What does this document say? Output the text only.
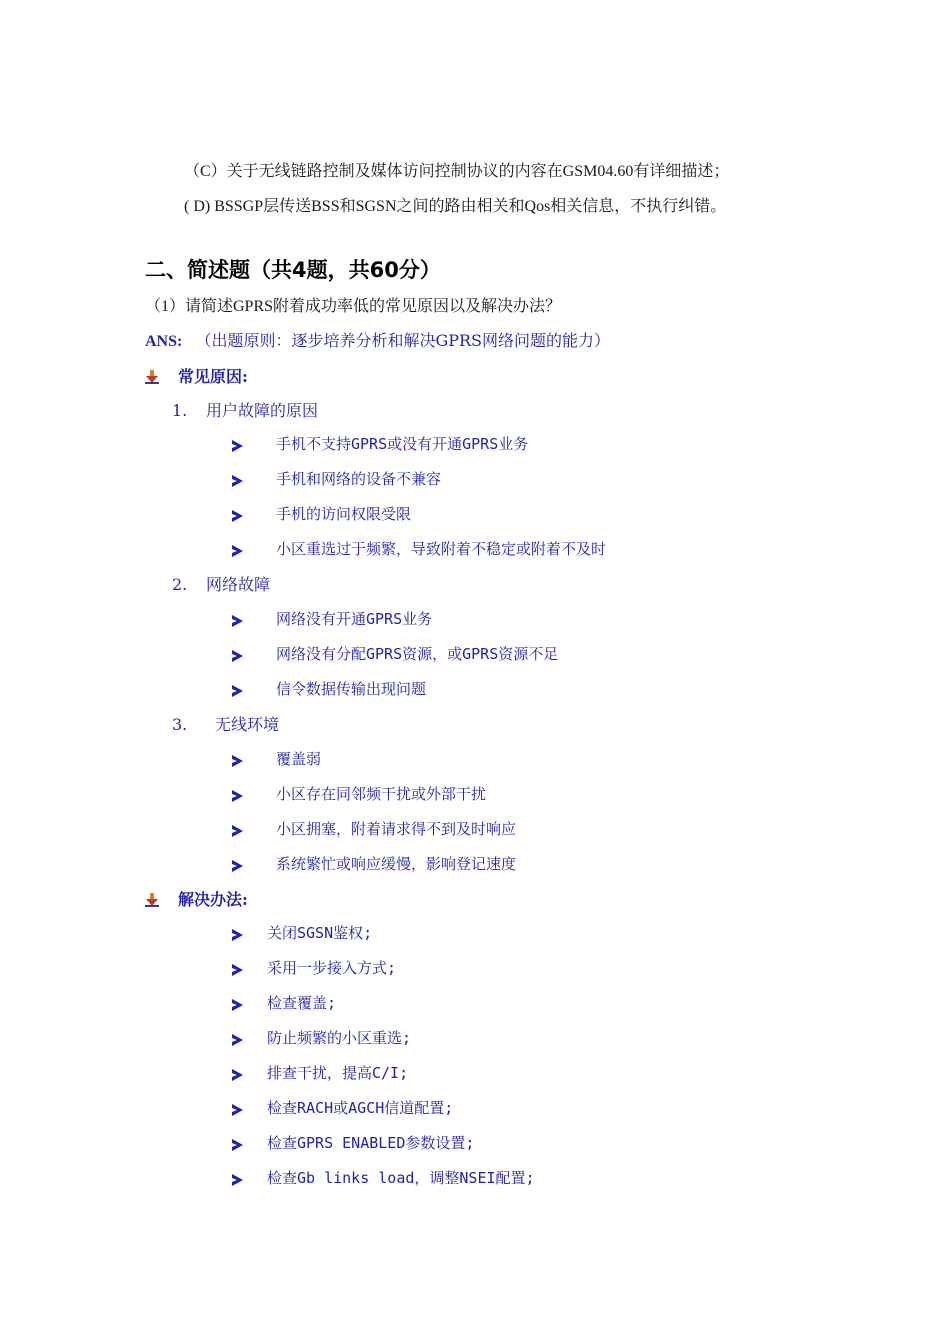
（C）关于无线链路控制及媒体访问控制协议的内容在GSM04.60有详细描述；
( D) BSSGP层传送BSS和SGSN之间的路由相关和Qos相关信息，不执行纠错。
二、简述题（共4题，共60分）
（1）请简述GPRS附着成功率低的常见原因以及解决办法？
ANS: （出题原则：逐步培养分析和解决GPRS网络问题的能力）
常见原因:
1. 用户故障的原因
手机不支持GPRS或没有开通GPRS业务
手机和网络的设备不兼容
手机的访问权限受限
小区重选过于频繁，导致附着不稳定或附着不及时
2. 网络故障
网络没有开通GPRS业务
网络没有分配GPRS资源，或GPRS资源不足
信令数据传输出现问题
3. 无线环境
覆盖弱
小区存在同邻频干扰或外部干扰
小区拥塞，附着请求得不到及时响应
系统繁忙或响应缓慢，影响登记速度
解决办法:
关闭SGSN鉴权;
采用一步接入方式;
检查覆盖;
防止频繁的小区重选;
排查干扰，提高C/I;
检查RACH或AGCH信道配置;
检查GPRS ENABLED参数设置;
检查Gb links load，调整NSEI配置;
